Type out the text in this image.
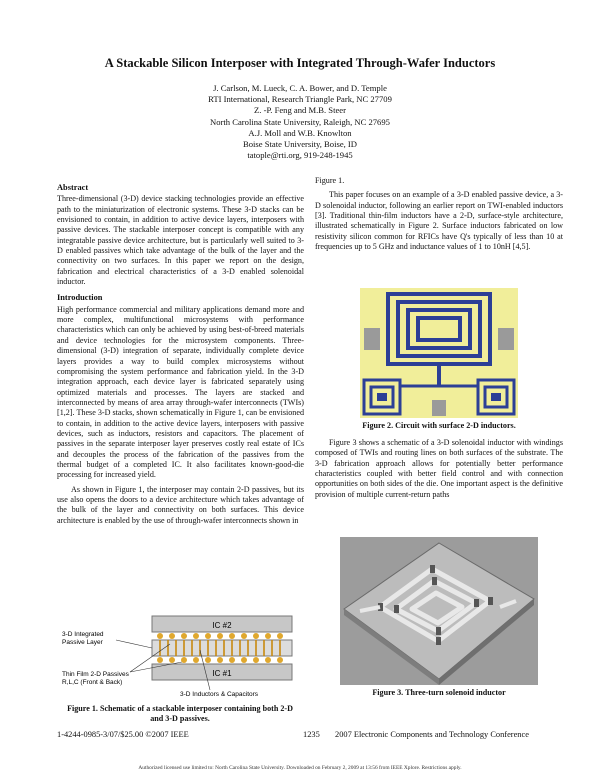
A Stackable Silicon Interposer with Integrated Through-Wafer Inductors
J. Carlson, M. Lueck, C. A. Bower, and D. Temple
RTI International, Research Triangle Park, NC 27709
Z. -P. Feng and M.B. Steer
North Carolina State University, Raleigh, NC 27695
A.J. Moll and W.B. Knowlton
Boise State University, Boise, ID
tatople@rti.org, 919-248-1945
Abstract

Three-dimensional (3-D) device stacking technologies provide an effective path to the miniaturization of electronic systems. These 3-D stacks can be envisioned to contain, in addition to active device layers, interposers with passive devices. The stackable interposer concept is compatible with any integratable passive device architecture, but is particularly well suited to 3-D enabled passives which take advantage of the bulk of the layer and the connectivity on two surfaces. In this paper we report on the design, fabrication and electrical characteristics of a 3-D enabled solenoidal inductor.

Introduction

High performance commercial and military applications demand more and more complex, multifunctional microsystems with performance characteristics which can only be achieved by using best-of-breed materials and device technologies for the microsystem components. Three-dimensional (3-D) integration of separate, individually complete device layers provides a way to build complex microsystems without compromising the system performance and fabrication yield. In the 3-D integration approach, each device layer is fabricated separately using optimized materials and processes. The layers are stacked and interconnected by means of area array through-wafer interconnects (TWIs) [1,2]. These 3-D stacks, shown schematically in Figure 1, can be envisioned to contain, in addition to the active device layers, interposers with passive devices, such as inductors, resistors and capacitors. The placement of passives in the separate interposer layer preserves costly real estate of ICs and decouples the process of the fabrication of the passives from the thermal budget of a completed IC. It also facilitates known-good-die processing for increased yield.

As shown in Figure 1, the interposer may contain 2-D passives, but its use also opens the doors to a device architecture which takes advantage of the bulk of the layer and connectivity on both surfaces. This device architecture is enabled by the use of through-wafer interconnects shown in

IC #2
IC #1
3-D Integrated Passive Layer
Thin Film 2-D Passives R,L,C (Front & Back)
3-D Inductors & Capacitors
Figure 1. Schematic of a stackable interposer containing both 2-D and 3-D passives.

Figure 1.

This paper focuses on an example of a 3-D enabled passive device, a 3-D solenoidal inductor, following an earlier report on TWI-enabled inductors [3]. Traditional thin-film inductors have a 2-D, surface-style architecture, illustrated schematically in Figure 2. Surface inductors fabricated on low resistivity silicon common for RFICs have Q's typically of less than 10 at frequencies up to 5 GHz and inductance values of 1 to 10nH [4,5].

Figure 2. Circuit with surface 2-D inductors.

Figure 3 shows a schematic of a 3-D solenoidal inductor with windings composed of TWIs and routing lines on both surfaces of the substrate. The 3-D fabrication approach allows for potentially better performance characteristics coupled with better field control and with connection opportunities on both sides of the die. One important aspect is the definitive provision of multiple current-return paths

Figure 3. Three-turn solenoid inductor
1-4244-0985-3/07/$25.00 ©2007 IEEE	1235 2007 Electronic Components and Technology Conference
Authorized licensed use limited to: North Carolina State University. Downloaded on February 2, 2009 at 13:56 from IEEE Xplore. Restrictions apply.
